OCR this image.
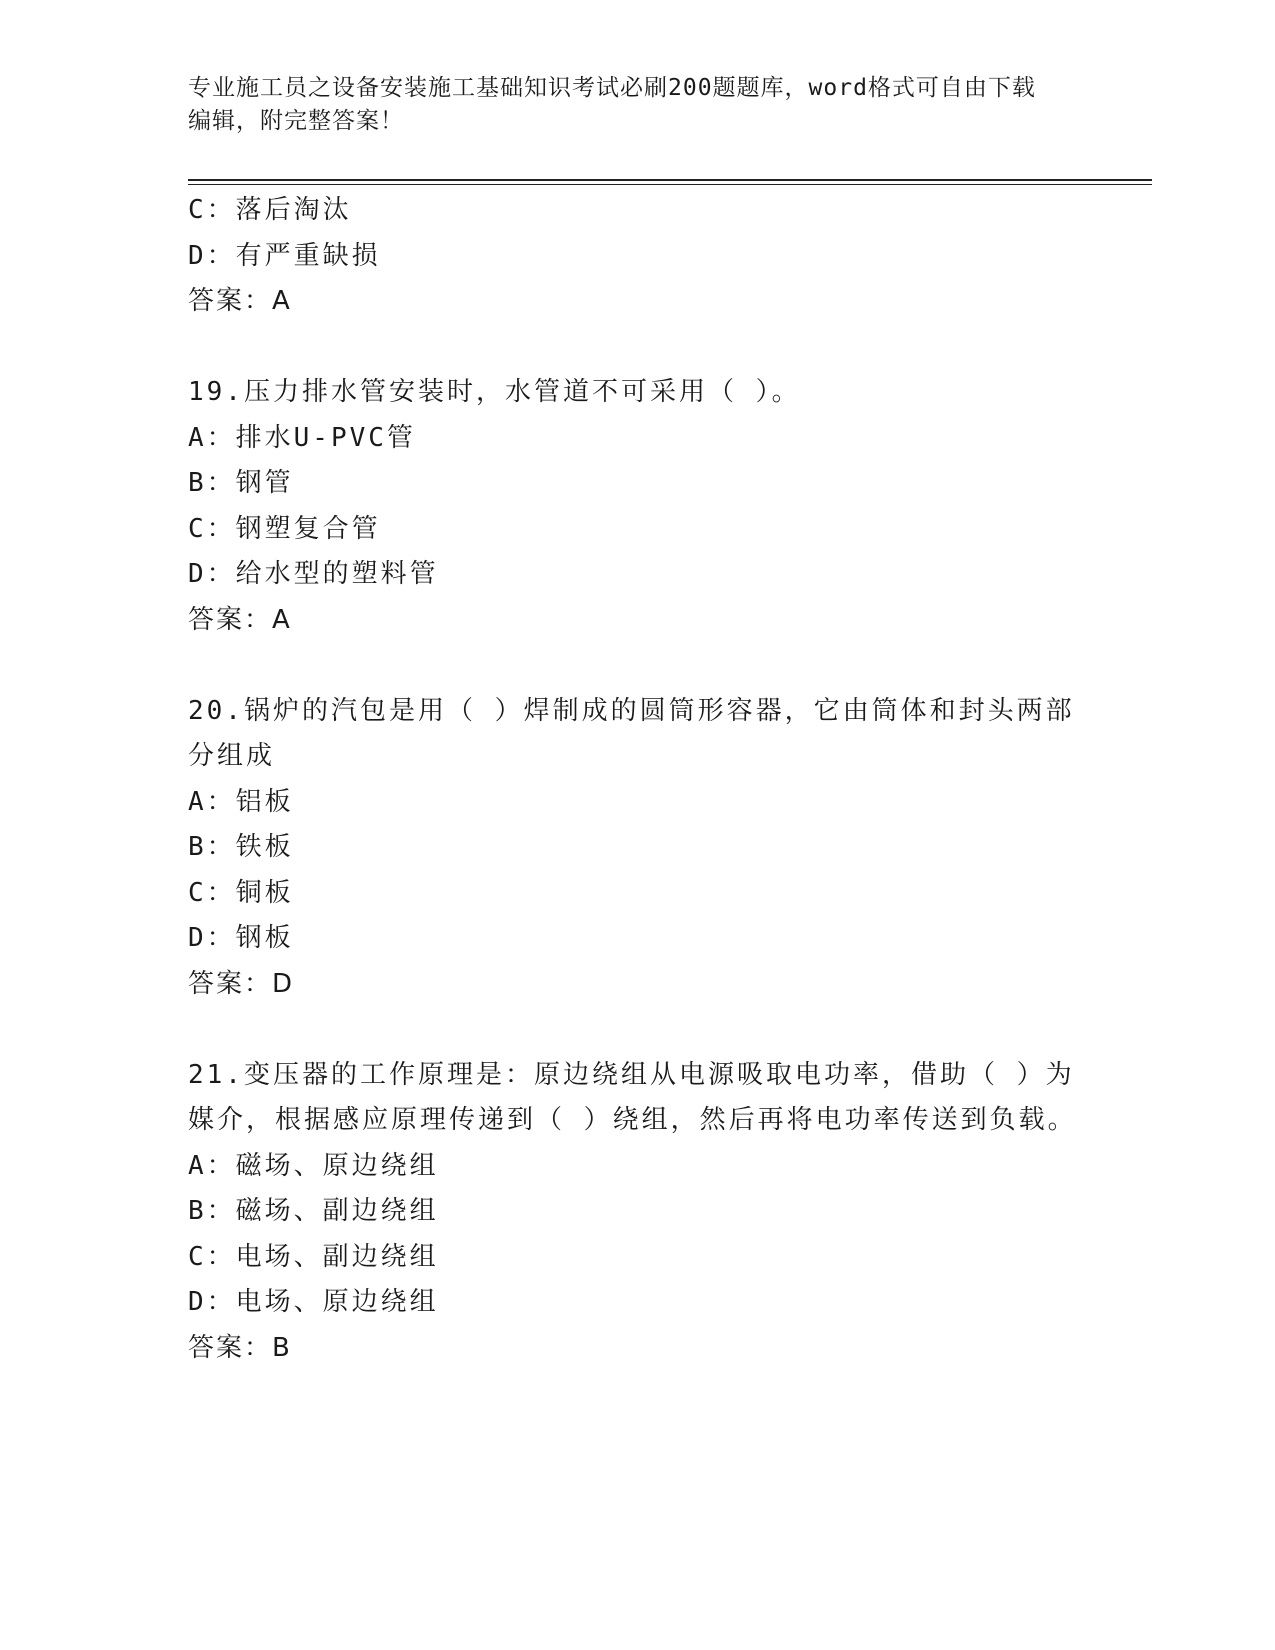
专业施工员之设备安装施工基础知识考试必刷200题题库，word格式可自由下载
编辑，附完整答案！
C：落后淘汰
D：有严重缺损
答案：A
19.压力排水管安装时，水管道不可采用（ ）。
A：排水U-PVC管
B：钢管
C：钢塑复合管
D：给水型的塑料管
答案：A
20.锅炉的汽包是用（ ）焊制成的圆筒形容器，它由筒体和封头两部
分组成
A：铝板
B：铁板
C：铜板
D：钢板
答案：D
21.变压器的工作原理是：原边绕组从电源吸取电功率，借助（ ）为
媒介，根据感应原理传递到（ ）绕组，然后再将电功率传送到负载。
A：磁场、原边绕组
B：磁场、副边绕组
C：电场、副边绕组
D：电场、原边绕组
答案：B
